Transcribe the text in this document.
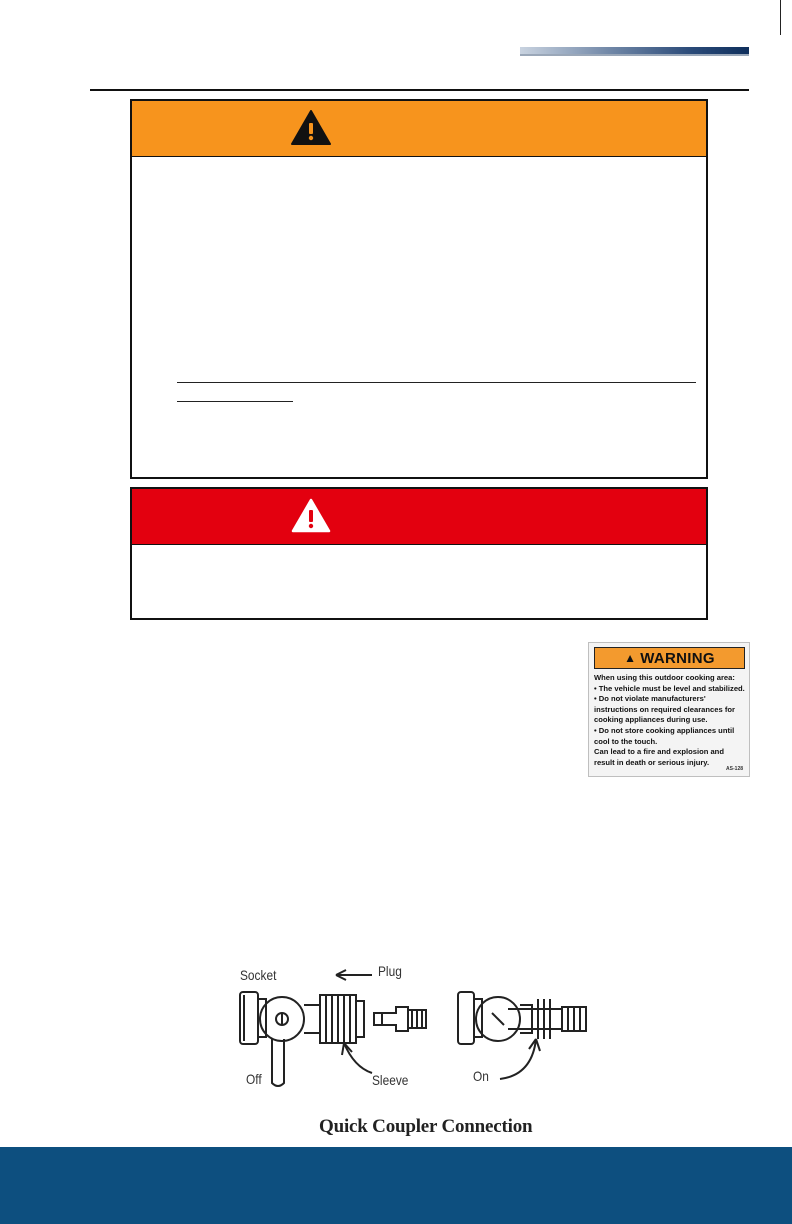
▲ WARNING
When using this outdoor cooking area:
• The vehicle must be level and stabilized.
• Do not violate manufacturers'
instructions on required clearances for
cooking appliances during use.
• Do not store cooking appliances until
cool to the touch.
Can lead to a fire and explosion and
result in death or serious injury.
AS-128
Socket	Plug
Off	Sleeve	On
Quick Coupler Connection
